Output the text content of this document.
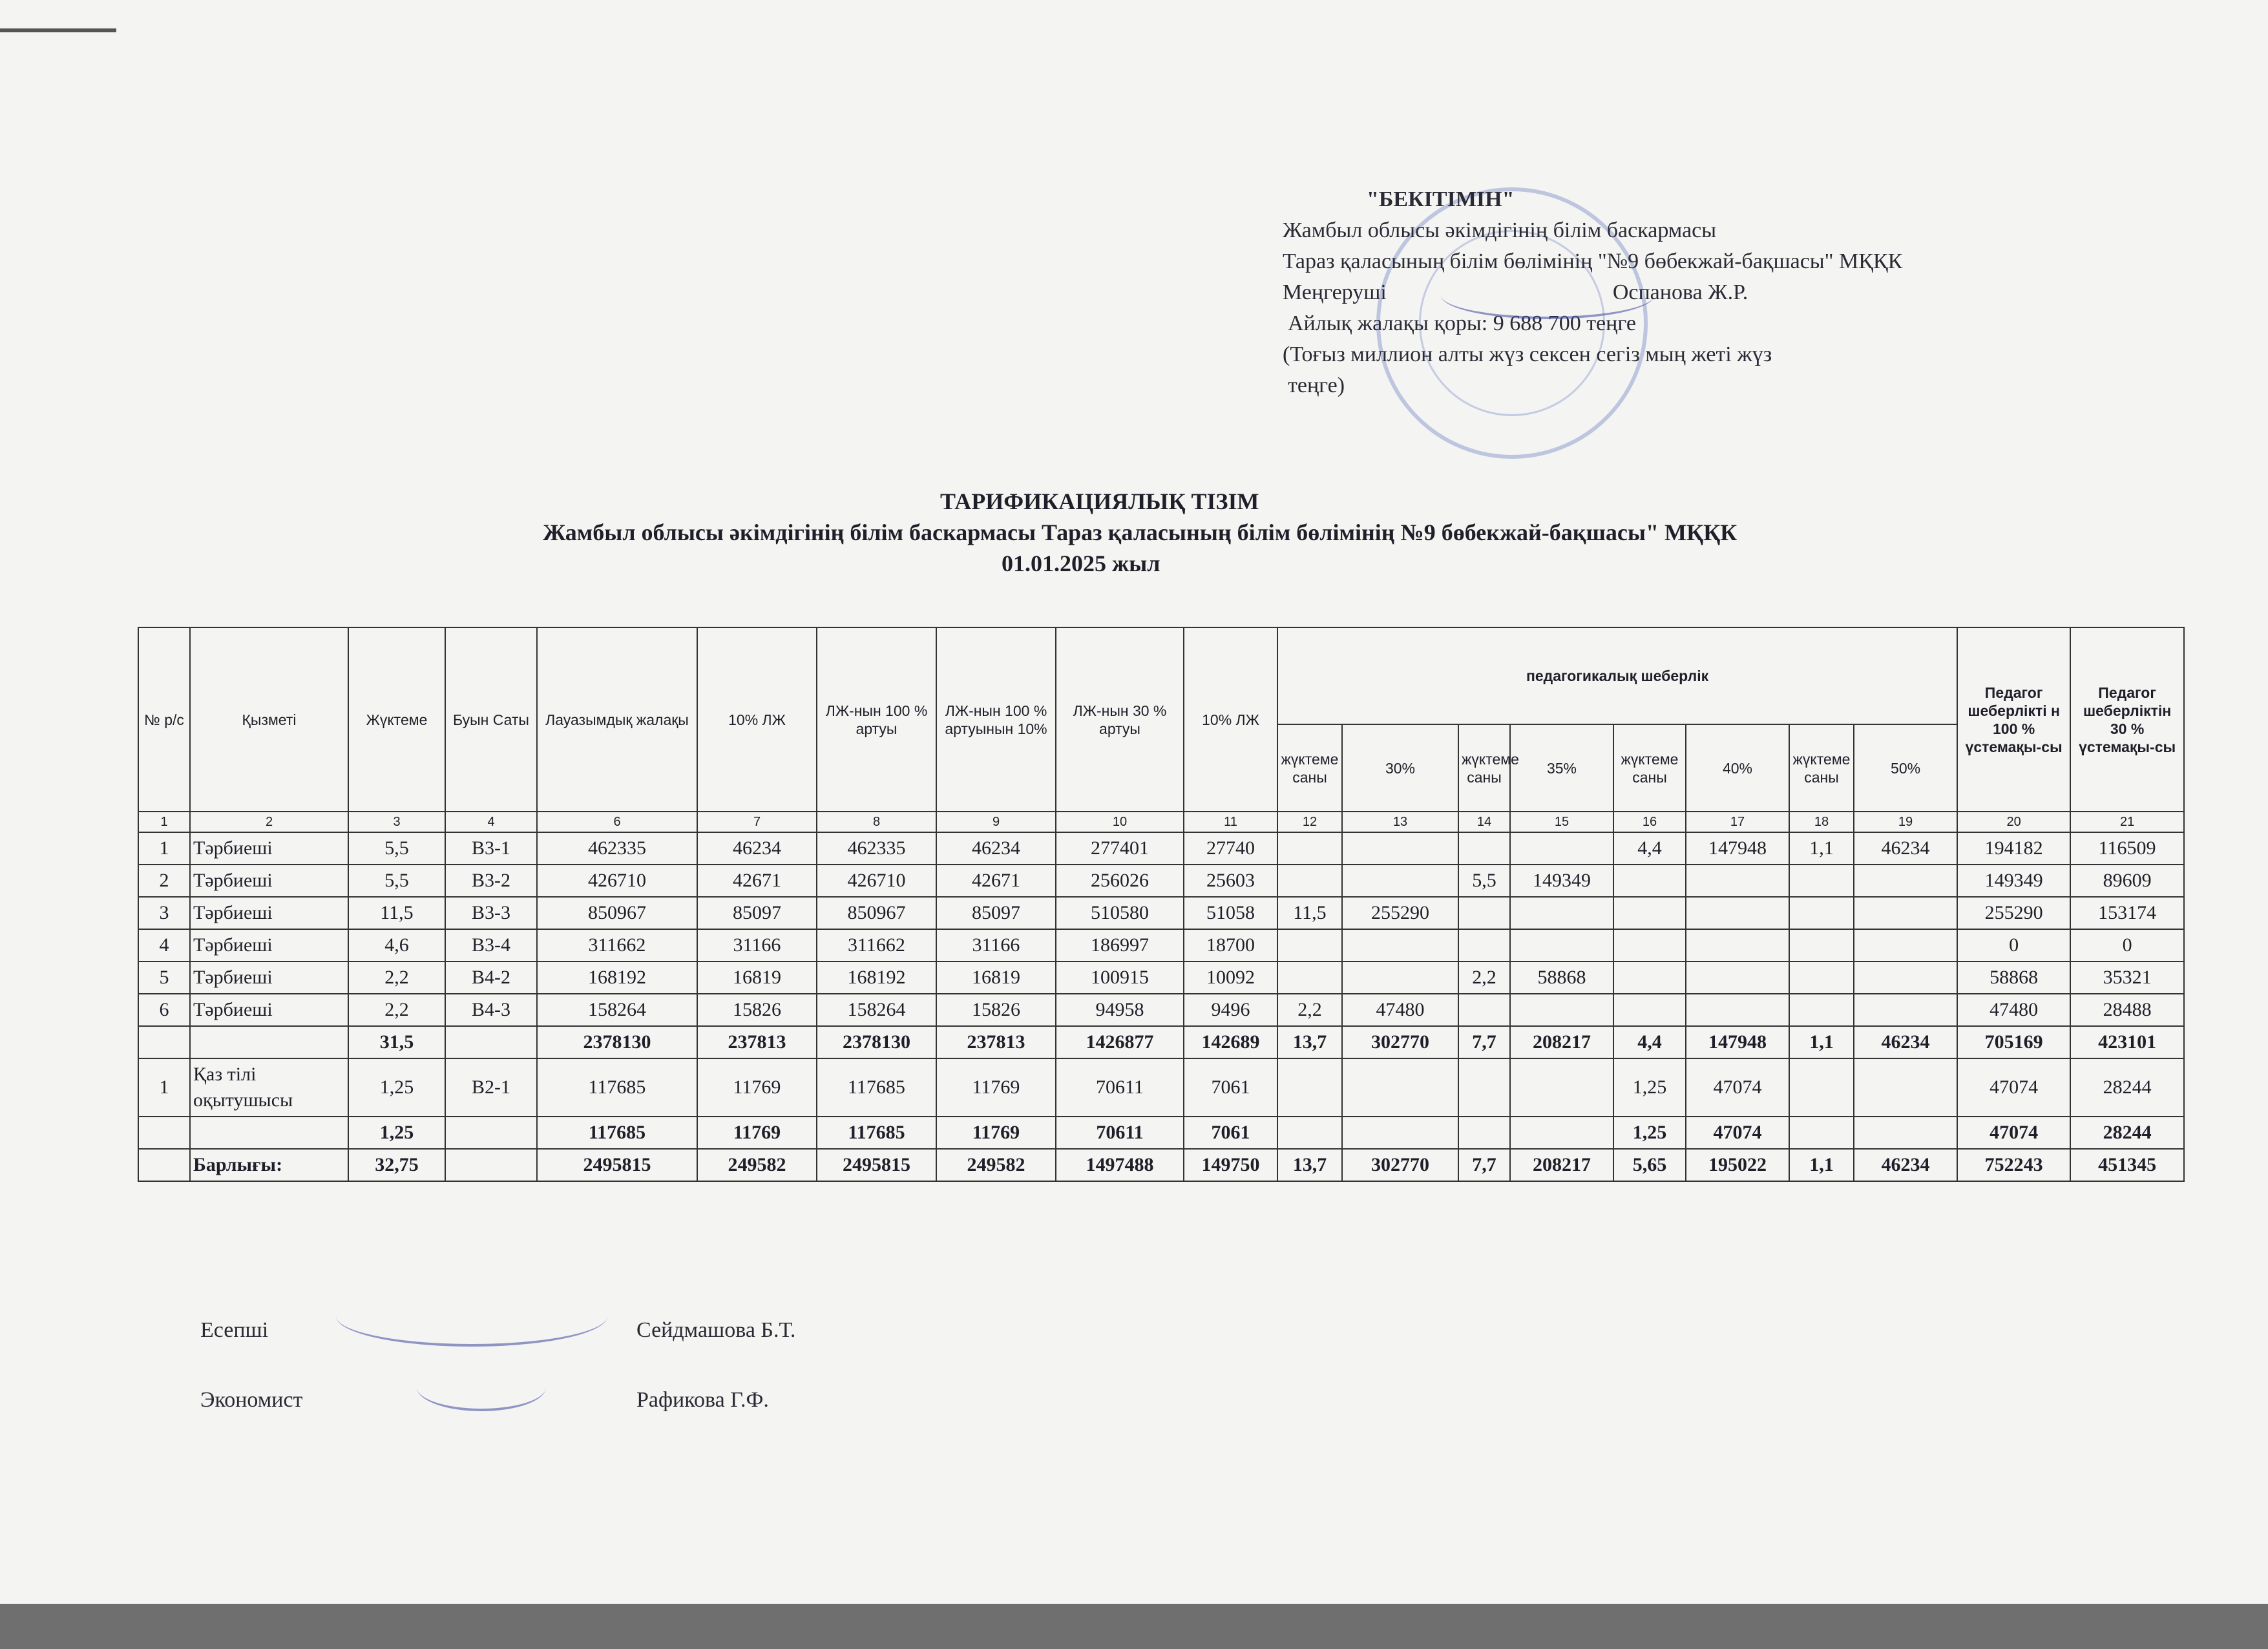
"БЕКІТІМІН"
Жамбыл облысы әкімдігінің білім баскармасы
Тараз қаласының білім бөлімінің "№9 бөбекжай-бақшасы" МҚҚК
Меңгеруші	Оспанова Ж.Р.
Айлық жалақы қоры: 9 688 700 теңге
(Тоғыз миллион алты жүз сексен сегіз мың жеті жүз
теңге)
ТАРИФИКАЦИЯЛЫҚ ТІЗІМ
Жамбыл облысы әкімдігінің білім баскармасы Тараз қаласының білім бөлімінің №9 бөбекжай-бақшасы" МҚҚК
01.01.2025 жыл
№ р/с	Қызметі	Жүктеме	Буын Саты	Лауазымдық жалақы	10% ЛЖ	ЛЖ-нын 100 % артуы	ЛЖ-нын 100 % артуынын 10%	ЛЖ-нын 30 % артуы	10% ЛЖ	педагогикалық шеберлік								Педагог шеберлікті н 100 % үстемақы-сы	Педагог шеберліктін 30 % үстемақы-сы
										жүктеме саны	30%	жүктеме саны	35%	жүктеме саны	40%	жүктеме саны	50%		
1	2	3	4	6	7	8	9	10	11	12	13	14	15	16	17	18	19	20	21
1	Тәрбиеші	5,5	В3-1	462335	46234	462335	46234	277401	27740					4,4	147948	1,1	46234	194182	116509
2	Тәрбиеші	5,5	В3-2	426710	42671	426710	42671	256026	25603			5,5	149349					149349	89609
3	Тәрбиеші	11,5	В3-3	850967	85097	850967	85097	510580	51058	11,5	255290							255290	153174
4	Тәрбиеші	4,6	В3-4	311662	31166	311662	31166	186997	18700									0	0
5	Тәрбиеші	2,2	В4-2	168192	16819	168192	16819	100915	10092			2,2	58868					58868	35321
6	Тәрбиеші	2,2	В4-3	158264	15826	158264	15826	94958	9496	2,2	47480							47480	28488
		31,5		2378130	237813	2378130	237813	1426877	142689	13,7	302770	7,7	208217	4,4	147948	1,1	46234	705169	423101
1	Қаз тілі оқытушысы	1,25	В2-1	117685	11769	117685	11769	70611	7061					1,25	47074			47074	28244
		1,25		117685	11769	117685	11769	70611	7061					1,25	47074			47074	28244
	Барлығы:	32,75		2495815	249582	2495815	249582	1497488	149750	13,7	302770	7,7	208217	5,65	195022	1,1	46234	752243	451345
Есепші	Сейдмашова Б.Т.
Экономист	Рафикова Г.Ф.
